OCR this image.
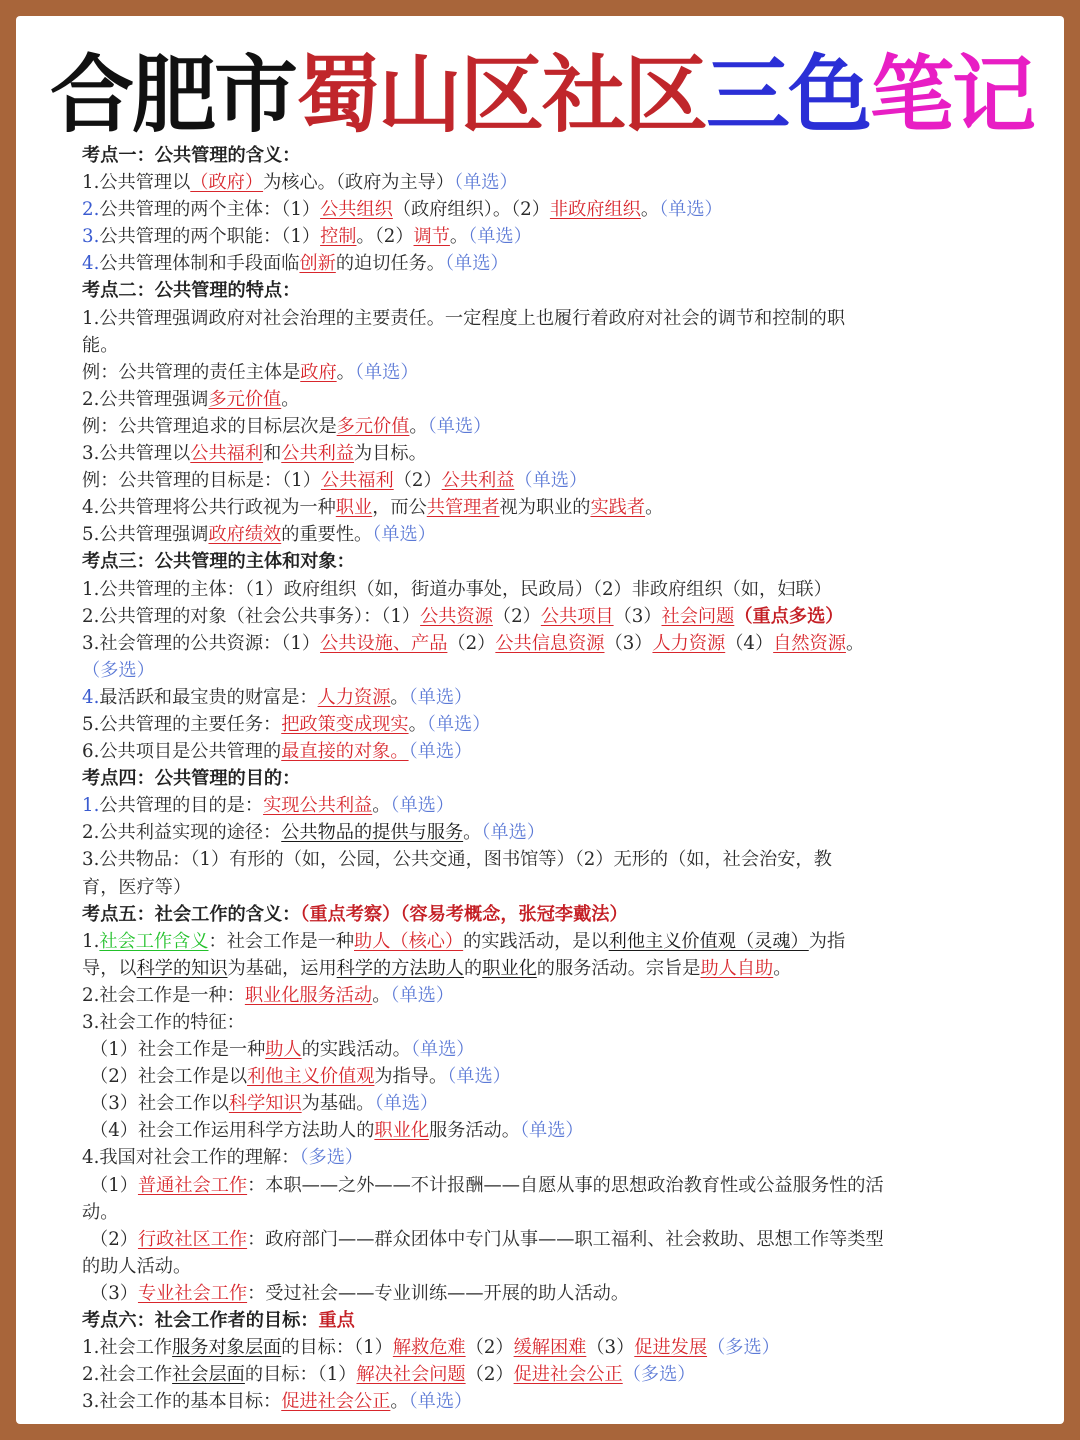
合肥市 蜀山区社区 三色 笔记
考点一：公共管理的含义：
1.公共管理以（政府）为核心。（政府为主导）（单选）
2.公共管理的两个主体：（1）公共组织（政府组织）。（2）非政府组织。（单选）
3.公共管理的两个职能：（1）控制。（2）调节。（单选）
4.公共管理体制和手段面临创新的迫切任务。（单选）
考点二：公共管理的特点：
1.公共管理强调政府对社会治理的主要责任。一定程度上也履行着政府对社会的调节和控制的职
能。
例：公共管理的责任主体是政府。（单选）
2.公共管理强调多元价值。
例：公共管理追求的目标层次是多元价值。（单选）
3.公共管理以公共福利和公共利益为目标。
例：公共管理的目标是：（1）公共福利（2）公共利益（单选）
4.公共管理将公共行政视为一种职业，而公共管理者视为职业的实践者。
5.公共管理强调政府绩效的重要性。（单选）
考点三：公共管理的主体和对象：
1.公共管理的主体：（1）政府组织（如，街道办事处，民政局）（2）非政府组织（如，妇联）
2.公共管理的对象（社会公共事务）：（1）公共资源（2）公共项目（3）社会问题（重点多选）
3.社会管理的公共资源：（1）公共设施、产品（2）公共信息资源（3）人力资源（4）自然资源。
（多选）
4.最活跃和最宝贵的财富是：人力资源。（单选）
5.公共管理的主要任务：把政策变成现实。（单选）
6.公共项目是公共管理的最直接的对象。（单选）
考点四：公共管理的目的：
1.公共管理的目的是：实现公共利益。（单选）
2.公共利益实现的途径：公共物品的提供与服务。（单选）
3.公共物品：（1）有形的（如，公园，公共交通，图书馆等）（2）无形的（如，社会治安，教
育，医疗等）
考点五：社会工作的含义：（重点考察）（容易考概念，张冠李戴法）
1.社会工作含义：社会工作是一种助人（核心）的实践活动，是以利他主义价值观（灵魂）为指
导，以科学的知识为基础，运用科学的方法助人的职业化的服务活动。宗旨是助人自助。
2.社会工作是一种：职业化服务活动。（单选）
3.社会工作的特征：
（1）社会工作是一种助人的实践活动。（单选）
（2）社会工作是以利他主义价值观为指导。（单选）
（3）社会工作以科学知识为基础。（单选）
（4）社会工作运用科学方法助人的职业化服务活动。（单选）
4.我国对社会工作的理解：（多选）
（1）普通社会工作：本职——之外——不计报酬——自愿从事的思想政治教育性或公益服务性的活
动。
（2）行政社区工作：政府部门——群众团体中专门从事——职工福利、社会救助、思想工作等类型
的助人活动。
（3）专业社会工作：受过社会——专业训练——开展的助人活动。
考点六：社会工作者的目标：重点
1.社会工作服务对象层面的目标：（1）解救危难（2）缓解困难（3）促进发展（多选）
2.社会工作社会层面的目标：（1）解决社会问题（2）促进社会公正（多选）
3.社会工作的基本目标：促进社会公正。（单选）
